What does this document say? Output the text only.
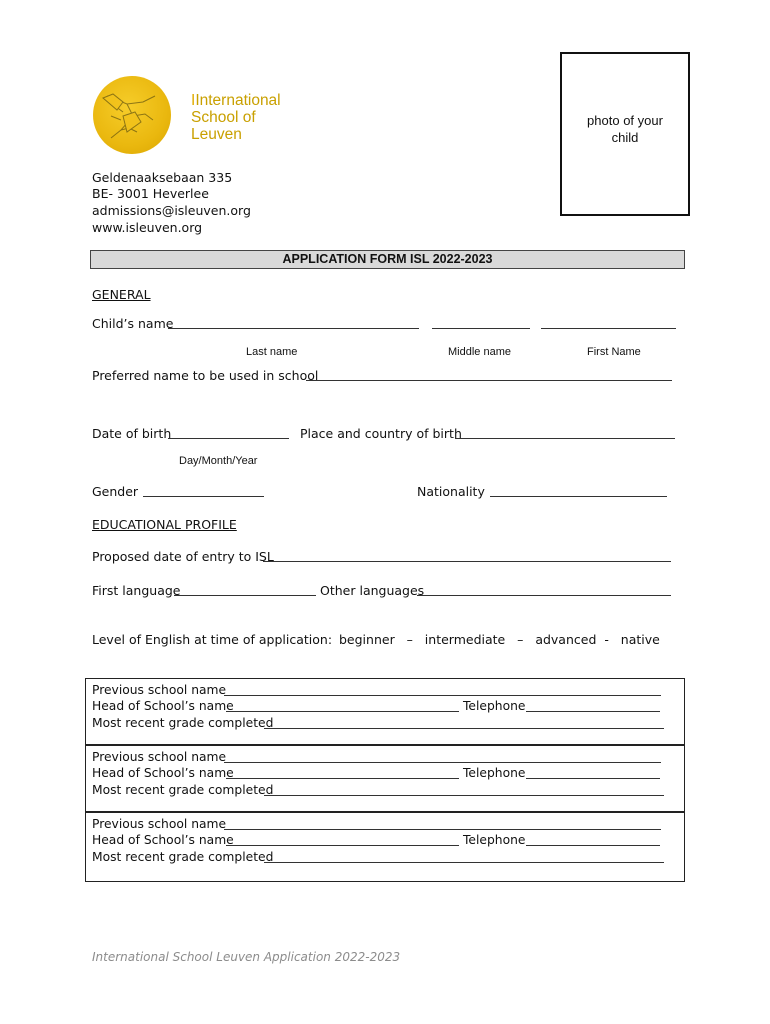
IInternational
School of
Leuven
Geldenaaksebaan 335
BE- 3001 Heverlee
admissions@isleuven.org
www.isleuven.org
photo of your
child
APPLICATION FORM ISL 2022-2023
GENERAL
Child’s name
Last name	Middle name	First Name
Preferred name to be used in school
Date of birth	Place and country of birth
Day/Month/Year
Gender	Nationality
EDUCATIONAL PROFILE
Proposed date of entry to ISL
First language	Other languages
Level of English at time of application: beginner   –   intermediate   –   advanced  -   native
Previous school name
Head of School’s name	Telephone
Most recent grade completed
Previous school name
Head of School’s name	Telephone
Most recent grade completed
Previous school name
Head of School’s name	Telephone
Most recent grade completed
International School Leuven Application 2022-2023
